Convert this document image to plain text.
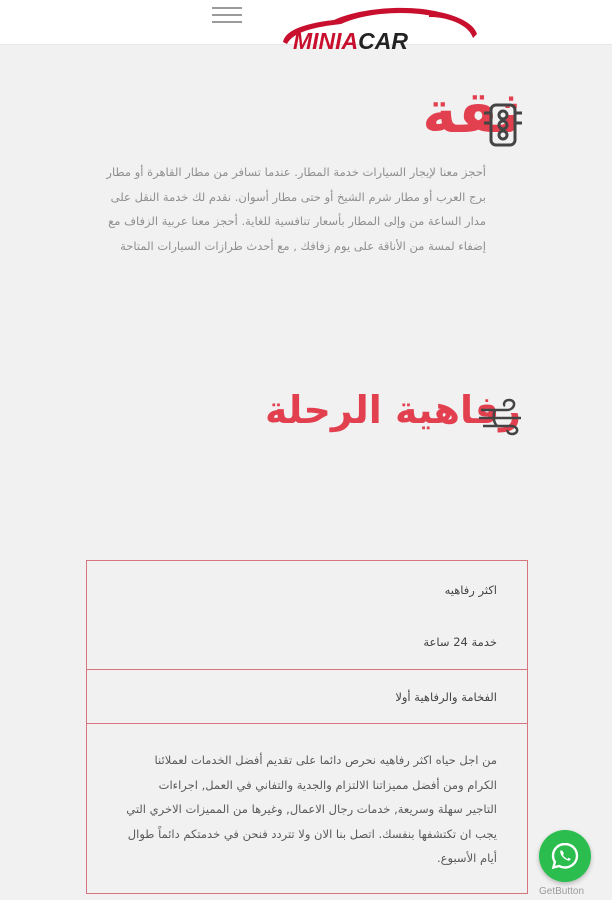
MINIACAR
ثقة
أحجز معنا لإيجار السيارات خدمة المطار. عندما تسافر من مطار القاهرة أو مطار برج العرب أو مطار شرم الشيخ أو حتى مطار أسوان. نقدم لك خدمة النقل على مدار الساعة من وإلى المطار بأسعار تنافسية للغاية. أحجز معنا عربية الزفاف مع إضفاء لمسة من الأناقة على يوم زفافك , مع أحدث طرازات السيارات المتاحة
رفاهية الرحلة
اكثر رفاهيه
خدمة 24 ساعة
الفخامة والرفاهية أولا
من اجل حياه اكثر رفاهيه نحرص دائما على تقديم أفضل الخدمات لعملائنا الكرام ومن أفضل مميزاتنا الالتزام والجدية والتفاني في العمل, اجراءات التاجير سهلة وسريعة, خدمات رجال الاعمال, وغيرها من المميزات الاخري التي يجب ان تكتشفها بنفسك. اتصل بنا الان ولا تتردد فنحن في خدمتكم دائماً طوال أيام الأسبوع.
GetButton
